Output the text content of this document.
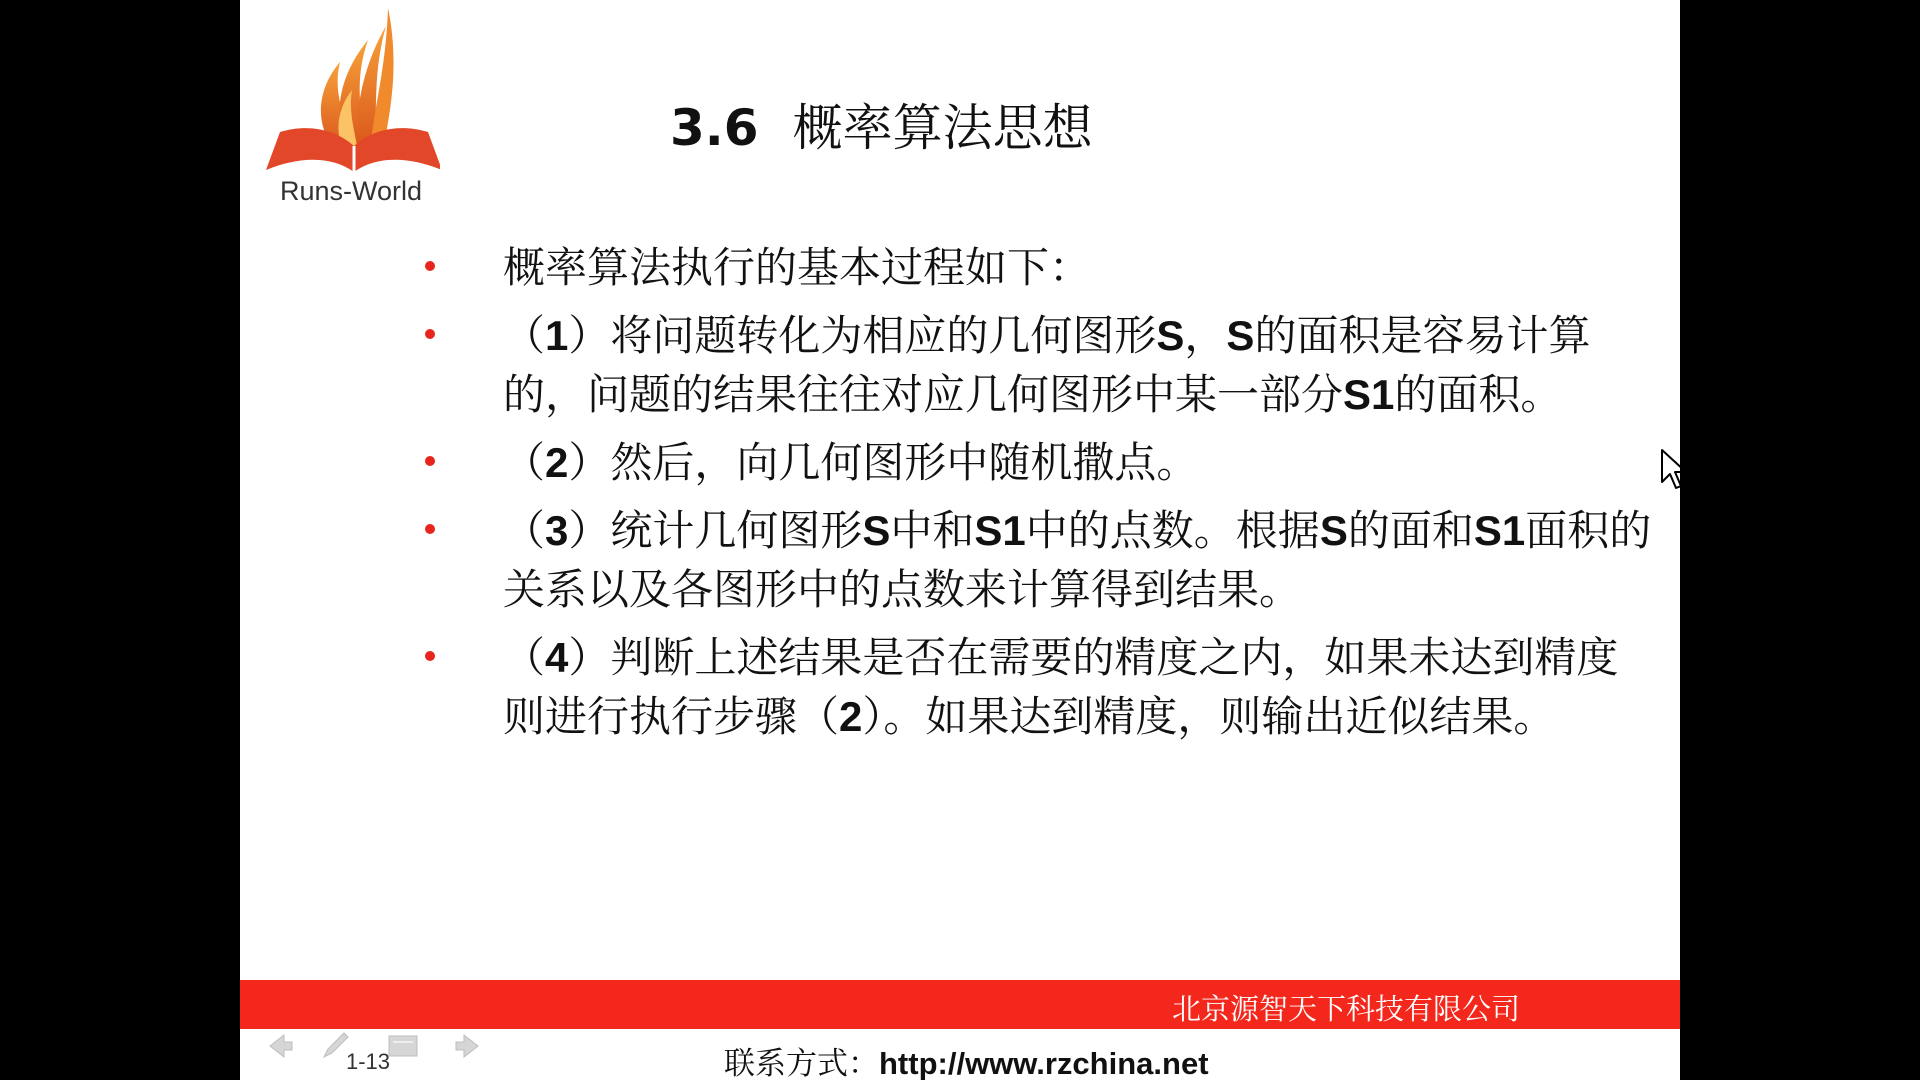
Runs-World
3.6 概率算法思想
概率算法执行的基本过程如下：
（1）将问题转化为相应的几何图形S，S的面积是容易计算的，问题的结果往往对应几何图形中某一部分S1的面积。
（2）然后，向几何图形中随机撒点。
（3）统计几何图形S中和S1中的点数。根据S的面和S1面积的关系以及各图形中的点数来计算得到结果。
（4）判断上述结果是否在需要的精度之内，如果未达到精度则进行执行步骤（2）。如果达到精度，则输出近似结果。
北京源智天下科技有限公司
1-13	联系方式：http://www.rzchina.net
